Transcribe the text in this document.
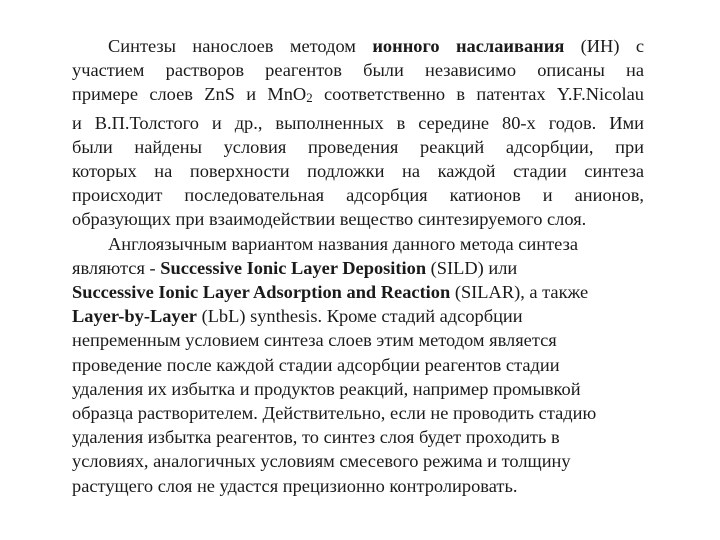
Синтезы нанослоев методом ионного наслаивания (ИН) с
участием растворов реагентов были независимо описаны на
примере слоев ZnS и MnO$_2$ соответственно в патентах Y.F.Nicolau
и В.П.Толстого и др., выполненных в середине 80-х годов. Ими
были найдены условия проведения реакций адсорбции, при
которых на поверхности подложки на каждой стадии синтеза
происходит последовательная адсорбция катионов и анионов,
образующих при взаимодействии вещество синтезируемого слоя.
Англоязычным вариантом названия данного метода синтеза
являются - Successive Ionic Layer Deposition (SILD) или
Successive Ionic Layer Adsorption and Reaction (SILAR), а также
Layer-by-Layer (LbL) synthesis. Кроме стадий адсорбции
непременным условием синтеза слоев этим методом является
проведение после каждой стадии адсорбции реагентов стадии
удаления их избытка и продуктов реакций, например промывкой
образца растворителем. Действительно, если не проводить стадию
удаления избытка реагентов, то синтез слоя будет проходить в
условиях, аналогичных условиям смесевого режима и толщину
растущего слоя не удастся прецизионно контролировать.
